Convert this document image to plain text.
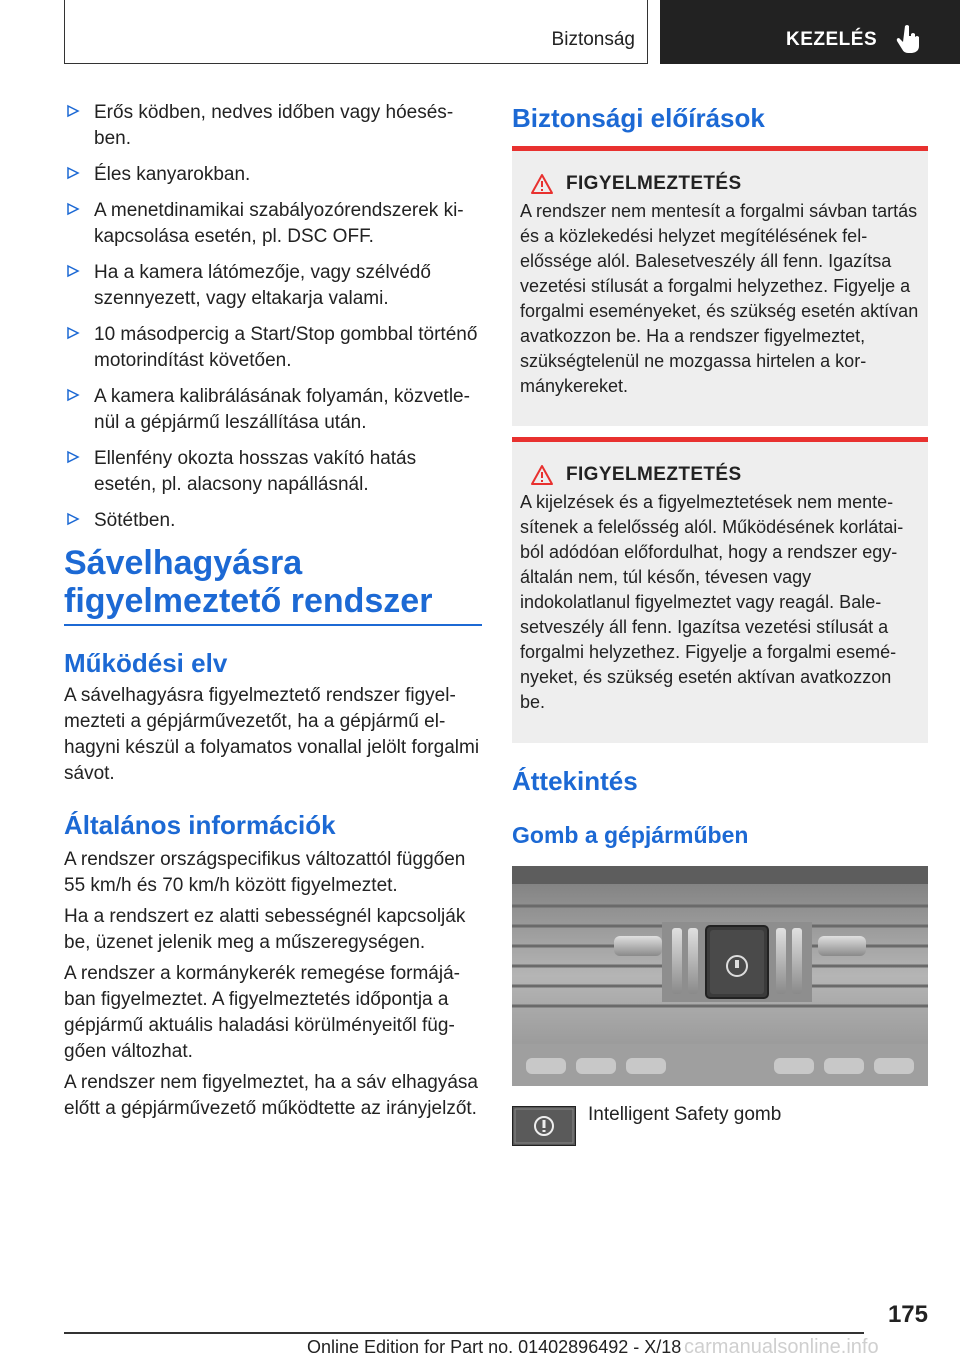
Biztonság	KEZELÉS
Erős ködben, nedves időben vagy hóesésben.
Éles kanyarokban.
A menetdinamikai szabályozórendszerek kikapcsolása esetén, pl. DSC OFF.
Ha a kamera látómezője, vagy szélvédő szennyezett, vagy eltakarja valami.
10 másodpercig a Start/Stop gombbal történő motorindítást követően.
A kamera kalibrálásának folyamán, közvetlenül a gépjármű leszállítása után.
Ellenfény okozta hosszas vakító hatás esetén, pl. alacsony napállásnál.
Sötétben.
Sávelhagyásra
figyelmeztető rendszer
Működési elv

A sávelhagyásra figyelmeztető rendszer figyelmezteti a gépjárművezetőt, ha a gépjármű elhagyni készül a folyamatos vonallal jelölt forgalmi sávot.

Általános információk

A rendszer országspecifikus változattól függően 55 km/h és 70 km/h között figyelmeztet.

Ha a rendszert ez alatti sebességnél kapcsolják be, üzenet jelenik meg a műszeregységen.

A rendszer a kormánykerék remegése formájában figyelmeztet. A figyelmeztetés időpontja a gépjármű aktuális haladási körülményeitől függően változhat.

A rendszer nem figyelmeztet, ha a sáv elhagyása előtt a gépjárművezető működtette az irányjelzőt.

Biztonsági előírások
FIGYELMEZTETÉS
A rendszer nem mentesít a forgalmi sávban tartás és a közlekedési helyzet megítélésének felelőssége alól. Balesetveszély áll fenn. Igazítsa vezetési stílusát a forgalmi helyzethez. Figyelje a forgalmi eseményeket, és szükség esetén aktívan avatkozzon be. Ha a rendszer figyelmeztet, szükségtelenül ne mozgassa hirtelen a kormánykereket.
FIGYELMEZTETÉS
A kijelzések és a figyelmeztetések nem mentesítenek a felelősség alól. Működésének korlátaiból adódóan előfordulhat, hogy a rendszer egyáltalán nem, túl későn, tévesen vagy indokolatlanul figyelmeztet vagy reagál. Balesetveszély áll fenn. Igazítsa vezetési stílusát a forgalmi helyzethez. Figyelje a forgalmi eseményeket, és szükség esetén aktívan avatkozzon be.
Áttekintés
Gomb a gépjárműben
Intelligent Safety gomb
175
Online Edition for Part no. 01402896492 - X/18 carmanualsonline.info
